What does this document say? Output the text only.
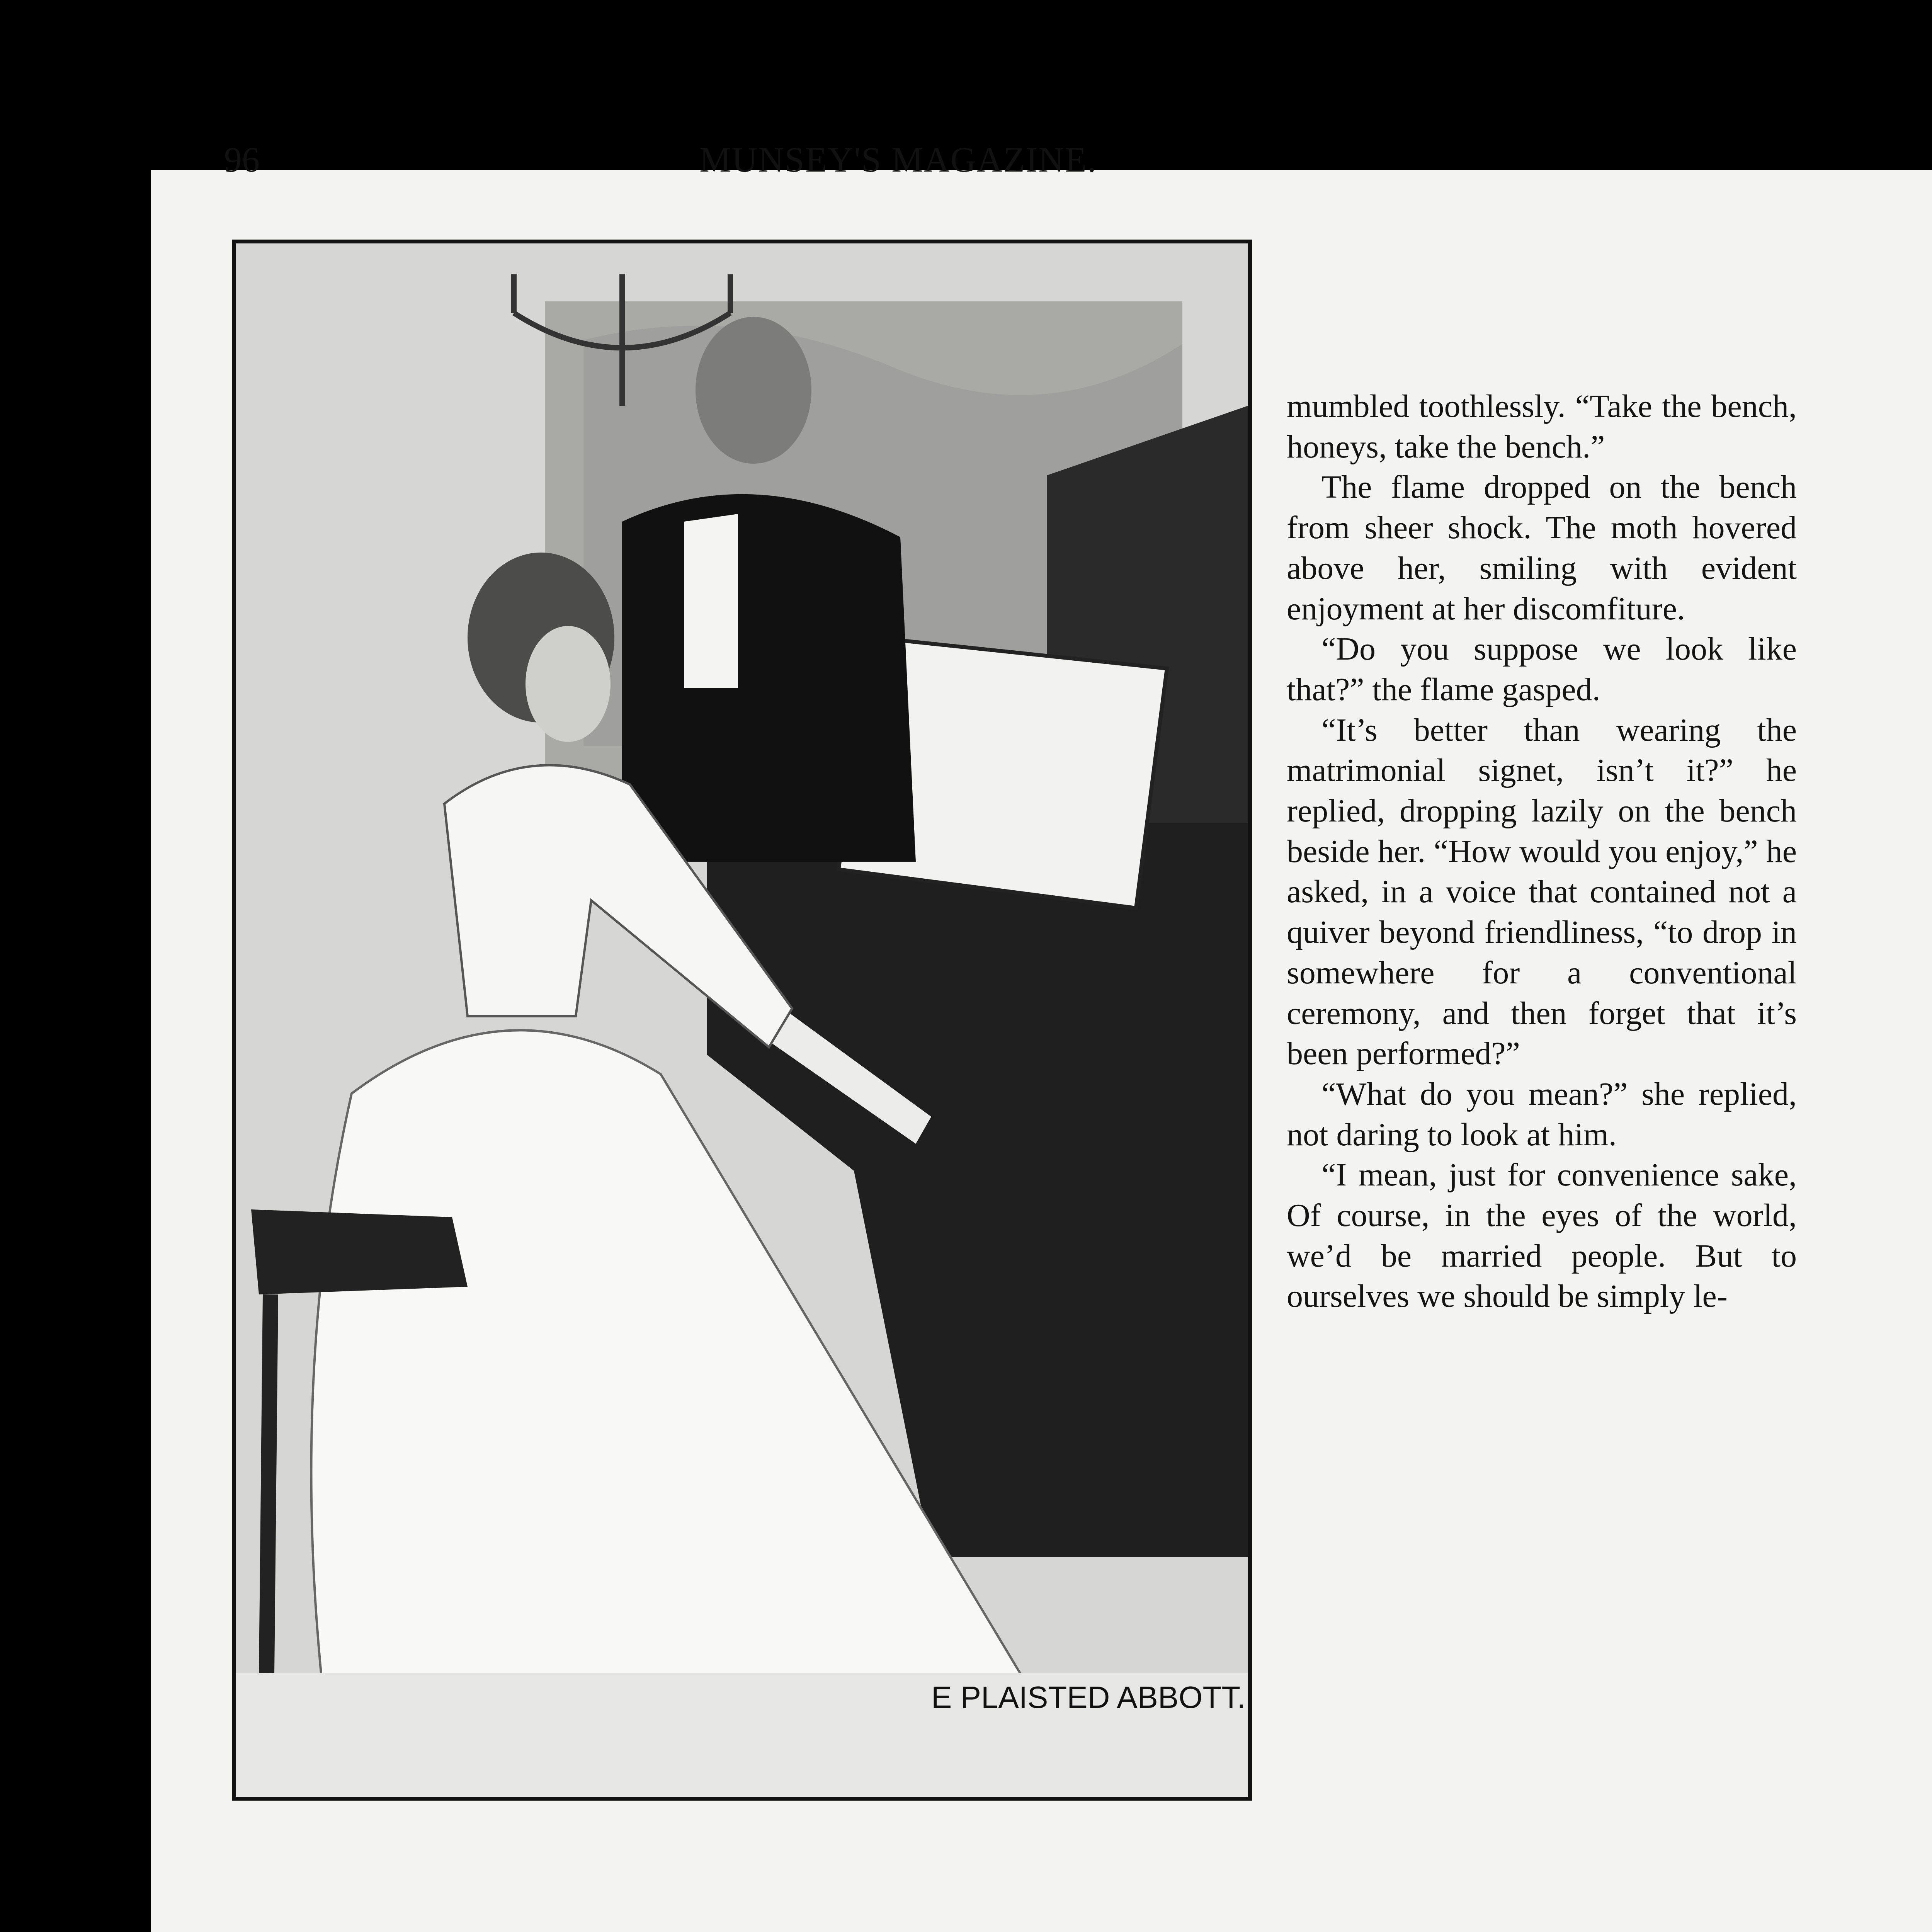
96	MUNSEY'S MAGAZINE.
E PLAISTED ABBOTT.

mumbled toothlessly. “Take the bench, honeys, take the bench.”

The flame dropped on the bench from sheer shock. The moth hovered above her, smiling with evident enjoyment at her discomfiture.

“Do you suppose we look like that?” the flame gasped.

“It’s better than wearing the matrimonial signet, isn’t it?” he replied, dropping lazily on the bench beside her. “How would you enjoy,” he asked, in a voice that contained not a quiver beyond friendliness, “to drop in somewhere for a conventional ceremony, and then forget that it’s been performed?”

“What do you mean?” she replied, not daring to look at him.

“I mean, just for convenience sake, Of course, in the eyes of the world, we’d be married people. But to ourselves we should be simply le-
